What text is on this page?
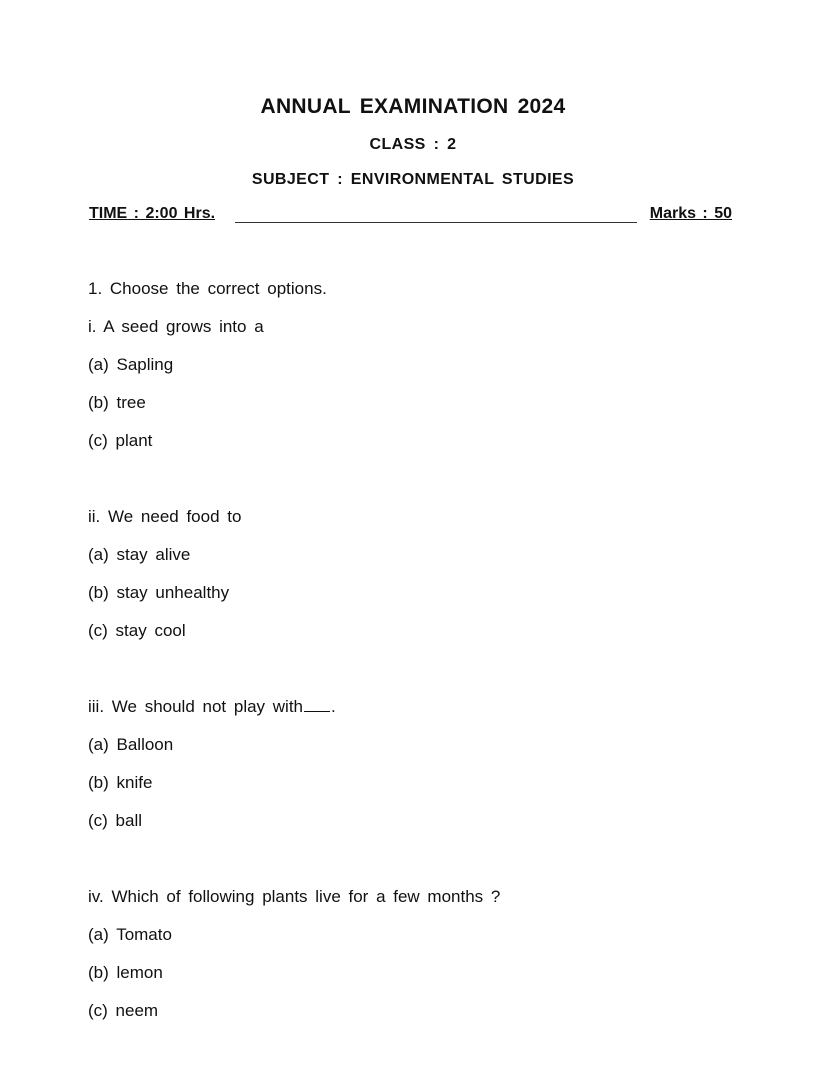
ANNUAL EXAMINATION 2024
CLASS : 2
SUBJECT : ENVIRONMENTAL STUDIES
TIME : 2:00 Hrs.	Marks : 50
1. Choose the correct options.
i. A seed grows into a
(a) Sapling
(b) tree
(c) plant
ii. We need food to
(a) stay alive
(b) stay unhealthy
(c) stay cool
iii. We should not play with .
(a) Balloon
(b) knife
(c) ball
iv. Which of following plants live for a few months ?
(a) Tomato
(b) lemon
(c) neem
